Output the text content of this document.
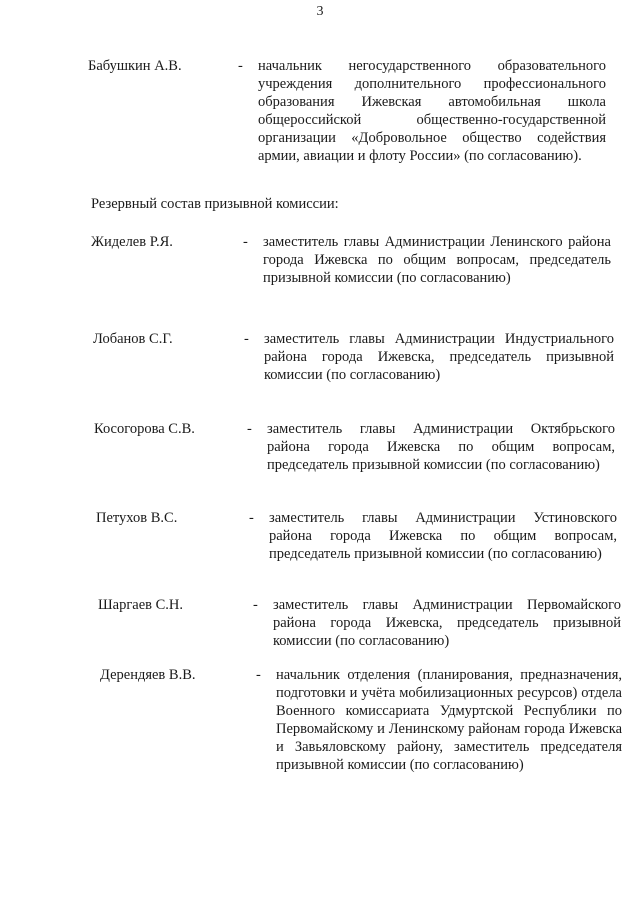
3
Бабушкин А.В.	- начальник негосударственного образовательного учреждения дополнительного профессионального образования Ижевская автомобильная школа общероссийской общественно-государственной организации «Добровольное общество содействия армии, авиации и флоту России» (по согласованию).
Резервный состав призывной комиссии:
Жиделев Р.Я.	- заместитель главы Администрации Ленинского района города Ижевска по общим вопросам, председатель призывной комиссии (по согласованию)
Лобанов С.Г.	- заместитель главы Администрации Индустриального района города Ижевска, председатель призывной комиссии (по согласованию)
Косогорова С.В.	- заместитель главы Администрации Октябрьского района города Ижевска по общим вопросам, председатель призывной комиссии (по согласованию)
Петухов В.С.	- заместитель главы Администрации Устиновского района города Ижевска по общим вопросам, председатель призывной комиссии (по согласованию)
Шаргаев С.Н.	- заместитель главы Администрации Первомайского района города Ижевска, председатель призывной комиссии (по согласованию)
Дерендяев В.В.	- начальник отделения (планирования, предназначения, подготовки и учёта мобилизационных ресурсов) отдела Военного комиссариата Удмуртской Республики по Первомайскому и Ленинскому районам города Ижевска и Завьяловскому району, заместитель председателя призывной комиссии (по согласованию)
